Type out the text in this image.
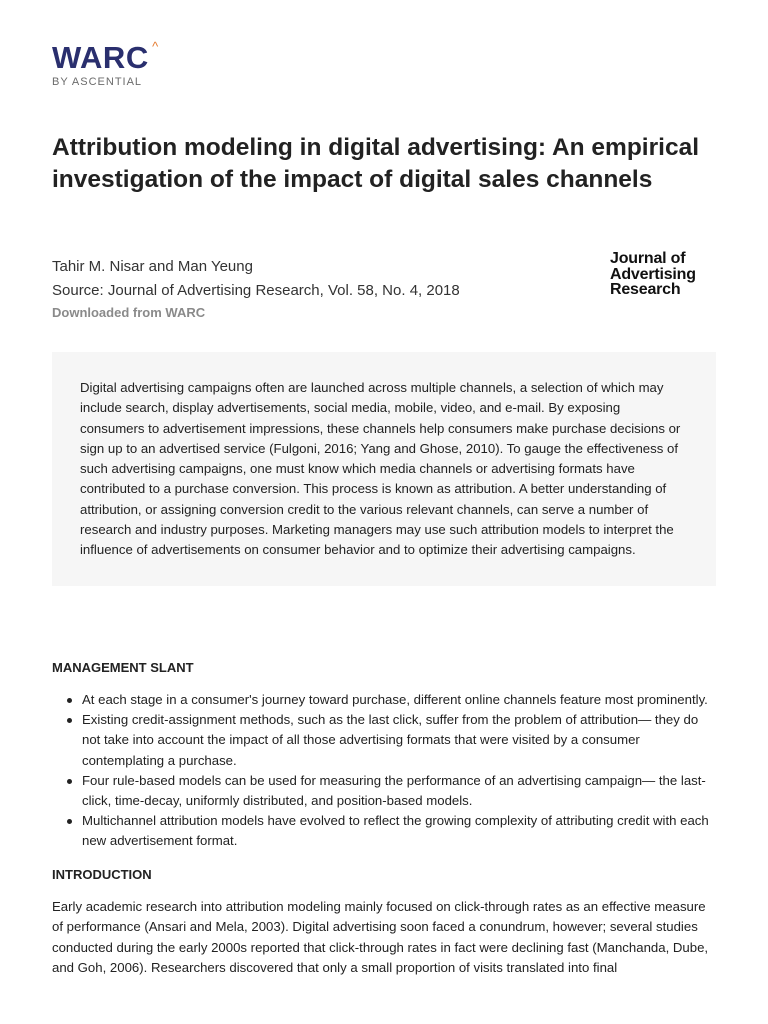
WARC ^
BY ASCENTIAL
Attribution modeling in digital advertising: An empirical investigation of the impact of digital sales channels
Tahir M. Nisar and Man Yeung
Source: Journal of Advertising Research, Vol. 58, No. 4, 2018
Downloaded from WARC
Journal of
Advertising
Research

Digital advertising campaigns often are launched across multiple channels, a selection of which may include search, display advertisements, social media, mobile, video, and e-mail. By exposing consumers to advertisement impressions, these channels help consumers make purchase decisions or sign up to an advertised service (Fulgoni, 2016; Yang and Ghose, 2010). To gauge the effectiveness of such advertising campaigns, one must know which media channels or advertising formats have contributed to a purchase conversion. This process is known as attribution. A better understanding of attribution, or assigning conversion credit to the various relevant channels, can serve a number of research and industry purposes. Marketing managers may use such attribution models to interpret the influence of advertisements on consumer behavior and to optimize their advertising campaigns.

MANAGEMENT SLANT
At each stage in a consumer's journey toward purchase, different online channels feature most prominently.
Existing credit-assignment methods, such as the last click, suffer from the problem of attribution— they do not take into account the impact of all those advertising formats that were visited by a consumer contemplating a purchase.
Four rule-based models can be used for measuring the performance of an advertising campaign— the last-click, time-decay, uniformly distributed, and position-based models.
Multichannel attribution models have evolved to reflect the growing complexity of attributing credit with each new advertisement format.
INTRODUCTION

Early academic research into attribution modeling mainly focused on click-through rates as an effective measure of performance (Ansari and Mela, 2003). Digital advertising soon faced a conundrum, however; several studies conducted during the early 2000s reported that click-through rates in fact were declining fast (Manchanda, Dube, and Goh, 2006). Researchers discovered that only a small proportion of visits translated into final
